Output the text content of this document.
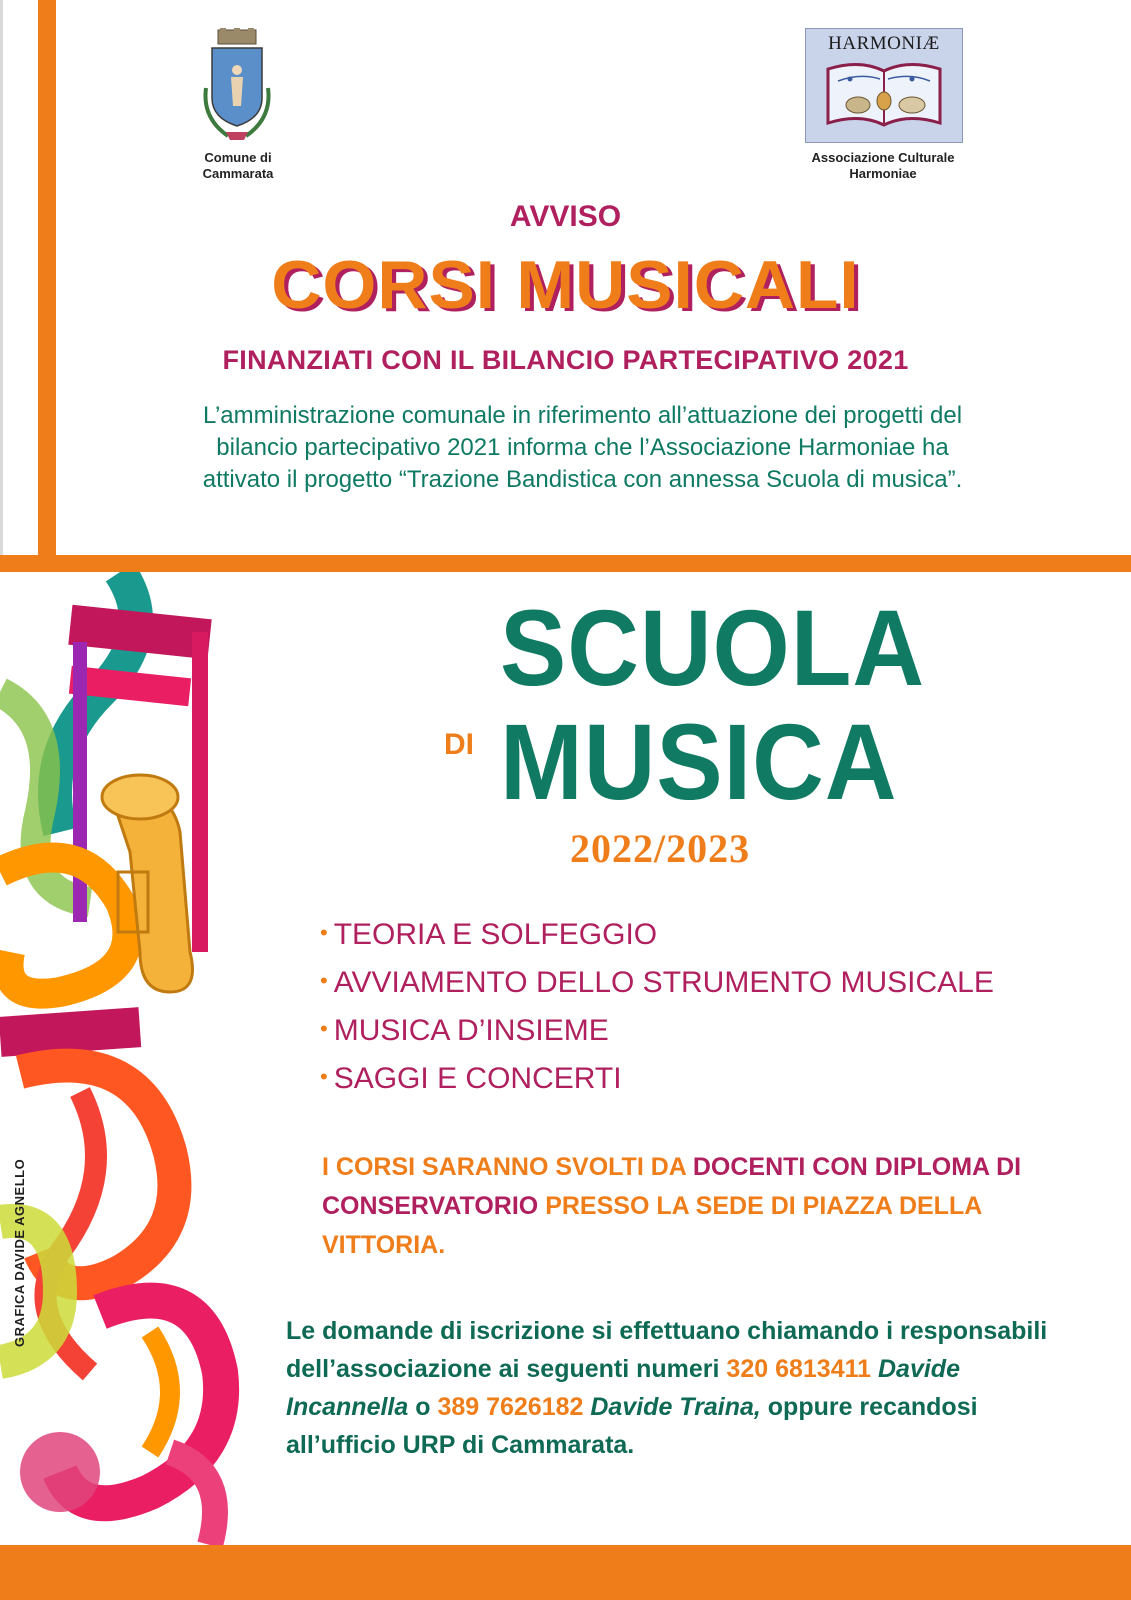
Comune di
Cammarata
HARMONIÆ
Associazione Culturale
Harmoniae
AVVISO
CORSI MUSICALI
FINANZIATI CON IL BILANCIO PARTECIPATIVO 2021
L’amministrazione comunale in riferimento all’attuazione dei progetti del
bilancio partecipativo 2021 informa che l’Associazione Harmoniae ha
attivato il progetto “Trazione Bandistica con annessa Scuola di musica”.
GRAFICA DAVIDE AGNELLO
SCUOLA
DI MUSICA
2022/2023
• TEORIA E SOLFEGGIO
• AVVIAMENTO DELLO STRUMENTO MUSICALE
• MUSICA D’INSIEME
• SAGGI E CONCERTI
I CORSI SARANNO SVOLTI DA DOCENTI CON DIPLOMA DI CONSERVATORIO PRESSO LA SEDE DI PIAZZA DELLA VITTORIA.
Le domande di iscrizione si effettuano chiamando i responsabili dell’associazione ai seguenti numeri 320 6813411 Davide Incannella o 389 7626182 Davide Traina, oppure recandosi all’ufficio URP di Cammarata.
